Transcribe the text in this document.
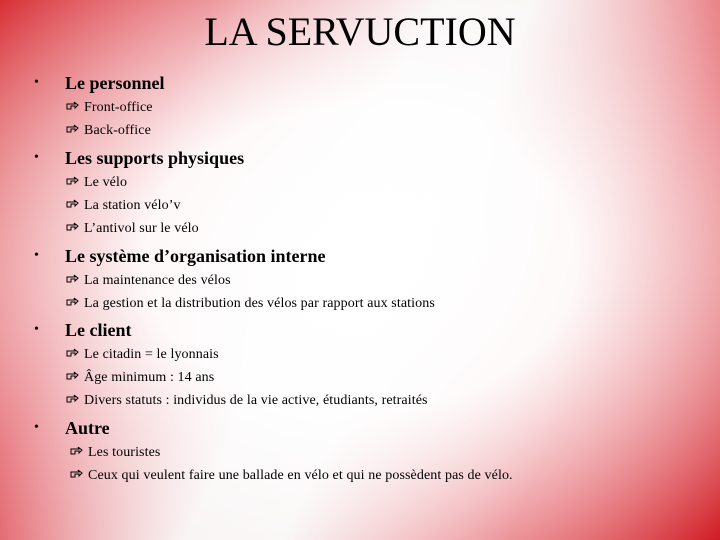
LA SERVUCTION
• Le personnel
Front-office
Back-office
• Les supports physiques
Le vélo
La station vélo’v
L’antivol sur le vélo
• Le système d’organisation interne
La maintenance des vélos
La gestion et la distribution des vélos par rapport aux stations
• Le client
Le citadin = le lyonnais
Âge minimum : 14 ans
Divers statuts : individus de la vie active, étudiants, retraités
• Autre
Les touristes
Ceux qui veulent faire une ballade en vélo et qui ne possèdent pas de vélo.
